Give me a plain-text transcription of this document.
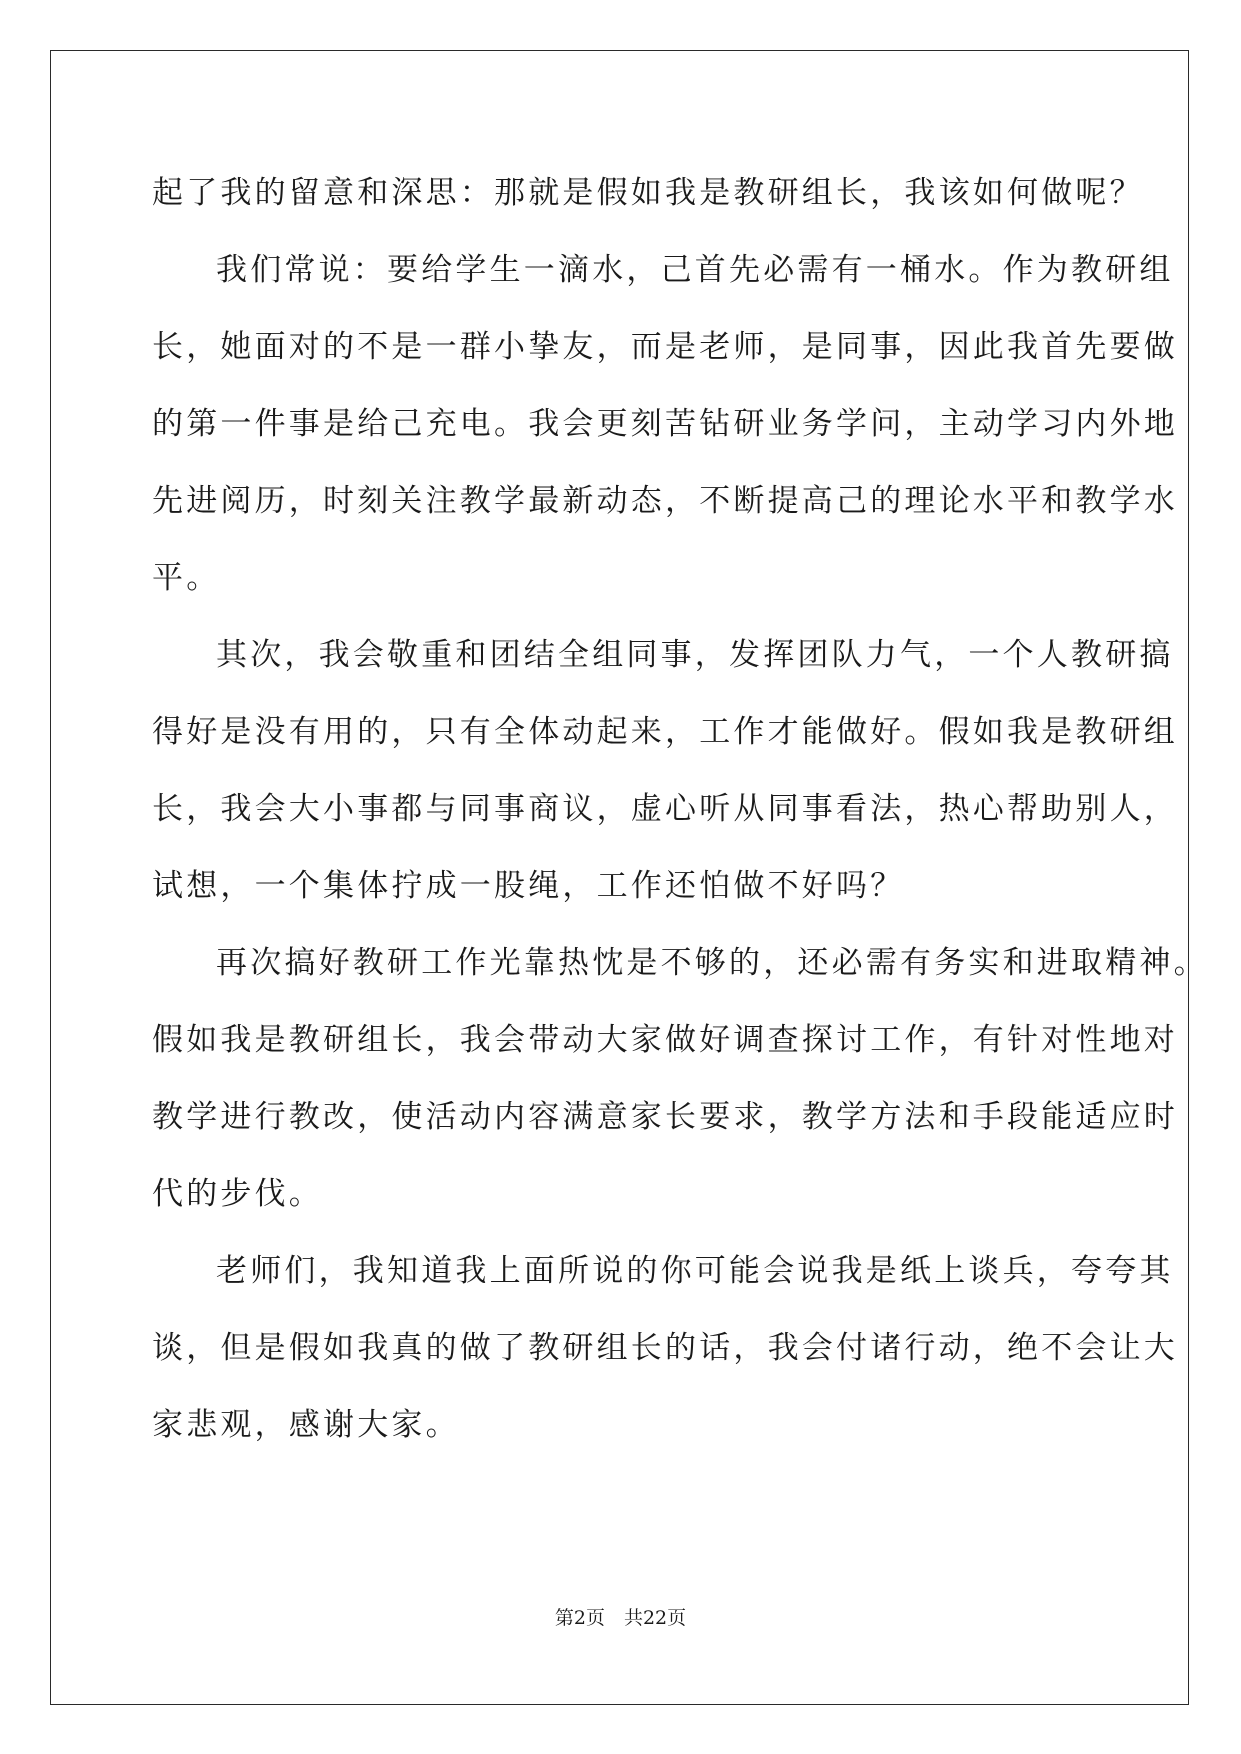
起了我的留意和深思：那就是假如我是教研组长，我该如何做呢？
我们常说：要给学生一滴水，己首先必需有一桶水。作为教研组
长，她面对的不是一群小挚友，而是老师，是同事，因此我首先要做
的第一件事是给己充电。我会更刻苦钻研业务学问，主动学习内外地
先进阅历，时刻关注教学最新动态，不断提高己的理论水平和教学水
平。
其次，我会敬重和团结全组同事，发挥团队力气，一个人教研搞
得好是没有用的，只有全体动起来，工作才能做好。假如我是教研组
长，我会大小事都与同事商议，虚心听从同事看法，热心帮助别人，
试想，一个集体拧成一股绳，工作还怕做不好吗？
再次搞好教研工作光靠热忱是不够的，还必需有务实和进取精神。
假如我是教研组长，我会带动大家做好调查探讨工作，有针对性地对
教学进行教改，使活动内容满意家长要求，教学方法和手段能适应时
代的步伐。
老师们，我知道我上面所说的你可能会说我是纸上谈兵，夸夸其
谈，但是假如我真的做了教研组长的话，我会付诸行动，绝不会让大
家悲观，感谢大家。
第2页　共22页
